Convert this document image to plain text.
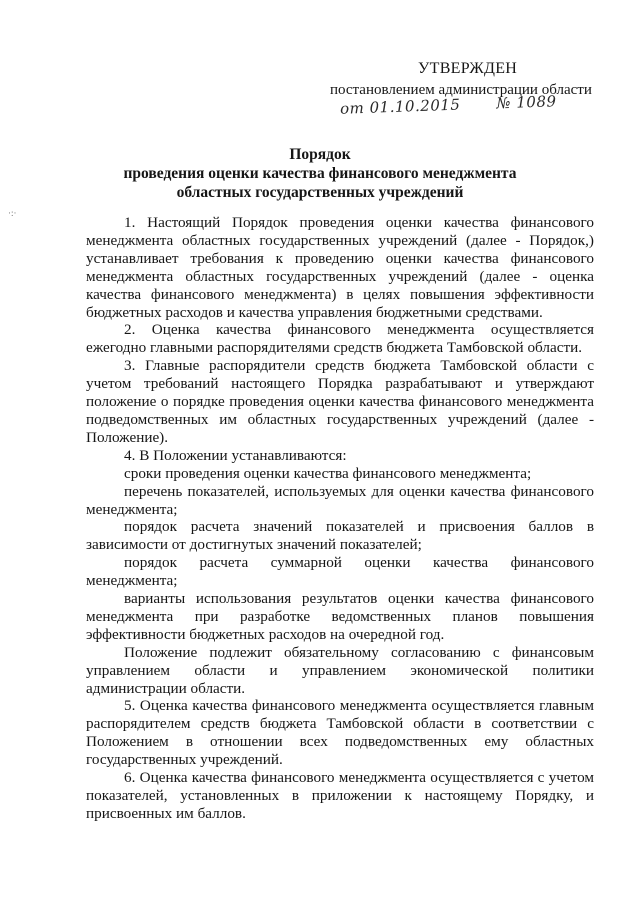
УТВЕРЖДЕН
постановлением администрации области
от 01.10.2015 № 1089
Порядок
проведения оценки качества финансового менеджмента
областных государственных учреждений
·:·

1. Настоящий Порядок проведения оценки качества финансового менеджмента областных государственных учреждений (далее - Порядок,) устанавливает требования к проведению оценки качества финансового менеджмента областных государственных учреждений (далее - оценка качества финансового менеджмента) в целях повышения эффективности бюджетных расходов и качества управления бюджетными средствами.

2. Оценка качества финансового менеджмента осуществляется ежегодно главными распорядителями средств бюджета Тамбовской области.

3. Главные распорядители средств бюджета Тамбовской области с учетом требований настоящего Порядка разрабатывают и утверждают положение о порядке проведения оценки качества финансового менеджмента подведомственных им областных государственных учреждений (далее - Положение).

4. В Положении устанавливаются:

сроки проведения оценки качества финансового менеджмента;

перечень показателей, используемых для оценки качества финансового менеджмента;

порядок расчета значений показателей и присвоения баллов в зависимости от достигнутых значений показателей;

порядок расчета суммарной оценки качества финансового менеджмента;

варианты использования результатов оценки качества финансового менеджмента при разработке ведомственных планов повышения эффективности бюджетных расходов на очередной год.

Положение подлежит обязательному согласованию с финансовым управлением области и управлением экономической политики администрации области.

5. Оценка качества финансового менеджмента осуществляется главным распорядителем средств бюджета Тамбовской области в соответствии с Положением в отношении всех подведомственных ему областных государственных учреждений.

6. Оценка качества финансового менеджмента осуществляется с учетом показателей, установленных в приложении к настоящему Порядку, и присвоенных им баллов.
